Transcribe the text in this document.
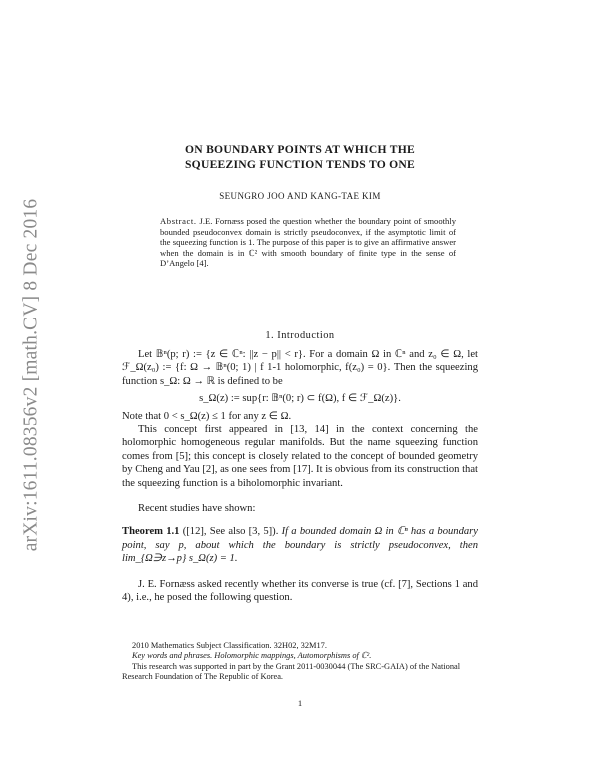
arXiv:1611.08356v2 [math.CV] 8 Dec 2016
ON BOUNDARY POINTS AT WHICH THE
SQUEEZING FUNCTION TENDS TO ONE
SEUNGRO JOO AND KANG-TAE KIM
Abstract. J.E. Fornæss posed the question whether the boundary point of smoothly bounded pseudoconvex domain is strictly pseudoconvex, if the asymptotic limit of the squeezing function is 1. The purpose of this paper is to give an affirmative answer when the domain is in ℂ² with smooth boundary of finite type in the sense of D’Angelo [4].
1. Introduction

Let 𝔹ⁿ(p; r) := {z ∈ ℂⁿ: ||z − p|| < r}. For a domain Ω in ℂⁿ and z₀ ∈ Ω, let ℱ_Ω(z₀) := {f: Ω → 𝔹ⁿ(0; 1) | f 1-1 holomorphic, f(z₀) = 0}. Then the squeezing function s_Ω: Ω → ℝ is defined to be

s_Ω(z) := sup{r: 𝔹ⁿ(0; r) ⊂ f(Ω), f ∈ ℱ_Ω(z)}.

Note that 0 < s_Ω(z) ≤ 1 for any z ∈ Ω.

This concept first appeared in [13, 14] in the context concerning the holomorphic homogeneous regular manifolds. But the name squeezing function comes from [5]; this concept is closely related to the concept of bounded geometry by Cheng and Yau [2], as one sees from [17]. It is obvious from its construction that the squeezing function is a biholomorphic invariant.

Recent studies have shown:

Theorem 1.1 ([12], See also [3, 5]). If a bounded domain Ω in ℂⁿ has a boundary point, say p, about which the boundary is strictly pseudoconvex, then lim_{Ω∋z→p} s_Ω(z) = 1.

J. E. Fornæss asked recently whether its converse is true (cf. [7], Sections 1 and 4), i.e., he posed the following question.

2010 Mathematics Subject Classification. 32H02, 32M17.

Key words and phrases. Holomorphic mappings, Automorphisms of ℂ².

This research was supported in part by the Grant 2011-0030044 (The SRC-GAIA) of the National Research Foundation of The Republic of Korea.

1
